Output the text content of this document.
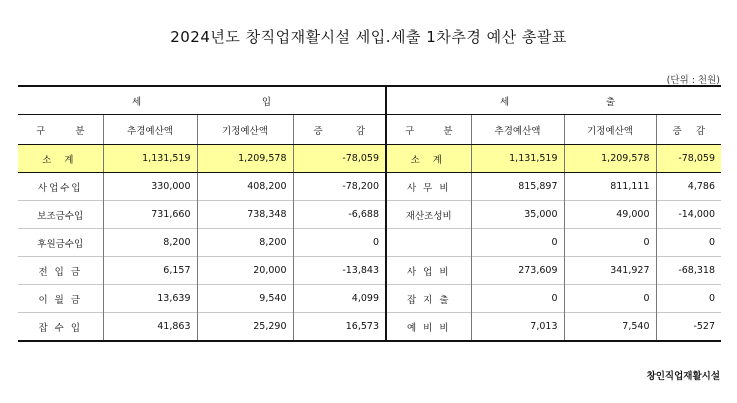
2024년도 창직업재활시설 세입.세출 1차추경 예산 총괄표
(단위 : 천원)
세 입				세 출			

구 분	추경예산액	기정예산액	증 감	구 분	추경예산액	기정예산액	증 감

소 계	1,131,519	1,209,578	-78,059	소 계	1,131,519	1,209,578	-78,059
사업수입	330,000	408,200	-78,200	사 무 비	815,897	811,111	4,786
보조금수입	731,660	738,348	-6,688	재산조성비	35,000	49,000	-14,000
후원금수입	8,200	8,200	0		0	0	0
전 입 금	6,157	20,000	-13,843	사 업 비	273,609	341,927	-68,318
이 월 금	13,639	9,540	4,099	잡 지 출	0	0	0
잡 수 입	41,863	25,290	16,573	예 비 비	7,013	7,540	-527
창인직업재활시설
